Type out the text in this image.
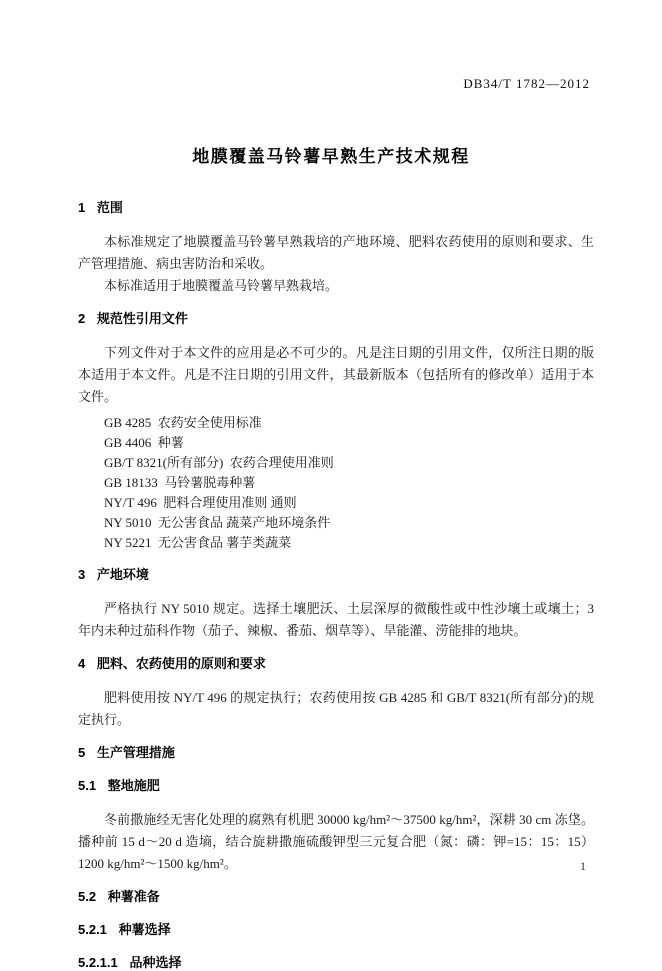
DB34/T 1782—2012
地膜覆盖马铃薯早熟生产技术规程
1 范围

本标准规定了地膜覆盖马铃薯早熟栽培的产地环境、肥料农药使用的原则和要求、生产管理措施、病虫害防治和采收。

本标准适用于地膜覆盖马铃薯早熟栽培。

2 规范性引用文件

下列文件对于本文件的应用是必不可少的。凡是注日期的引用文件，仅所注日期的版本适用于本文件。凡是不注日期的引用文件，其最新版本（包括所有的修改单）适用于本文件。

GB 4285  农药安全使用标准
GB 4406  种薯
GB/T 8321(所有部分)  农药合理使用准则
GB 18133  马铃薯脱毒种薯
NY/T 496  肥料合理使用准则 通则
NY 5010  无公害食品 蔬菜产地环境条件
NY 5221  无公害食品 薯芋类蔬菜
3 产地环境

严格执行 NY 5010 规定。选择土壤肥沃、土层深厚的微酸性或中性沙壤土或壤土；3 年内未种过茄科作物（茄子、辣椒、番茄、烟草等）、旱能灌、涝能排的地块。

4 肥料、农药使用的原则和要求

肥料使用按 NY/T 496 的规定执行；农药使用按 GB 4285 和 GB/T 8321(所有部分)的规定执行。

5 生产管理措施
5.1 整地施肥

冬前撒施经无害化处理的腐熟有机肥 30000 kg/hm²～37500 kg/hm²，深耕 30 cm 冻垡。播种前 15 d～20 d 造墒，结合旋耕撒施硫酸钾型三元复合肥（氮：磷：钾=15：15：15）1200 kg/hm²～1500 kg/hm²。

5.2 种薯准备
5.2.1 种薯选择
5.2.1.1 品种选择
1
